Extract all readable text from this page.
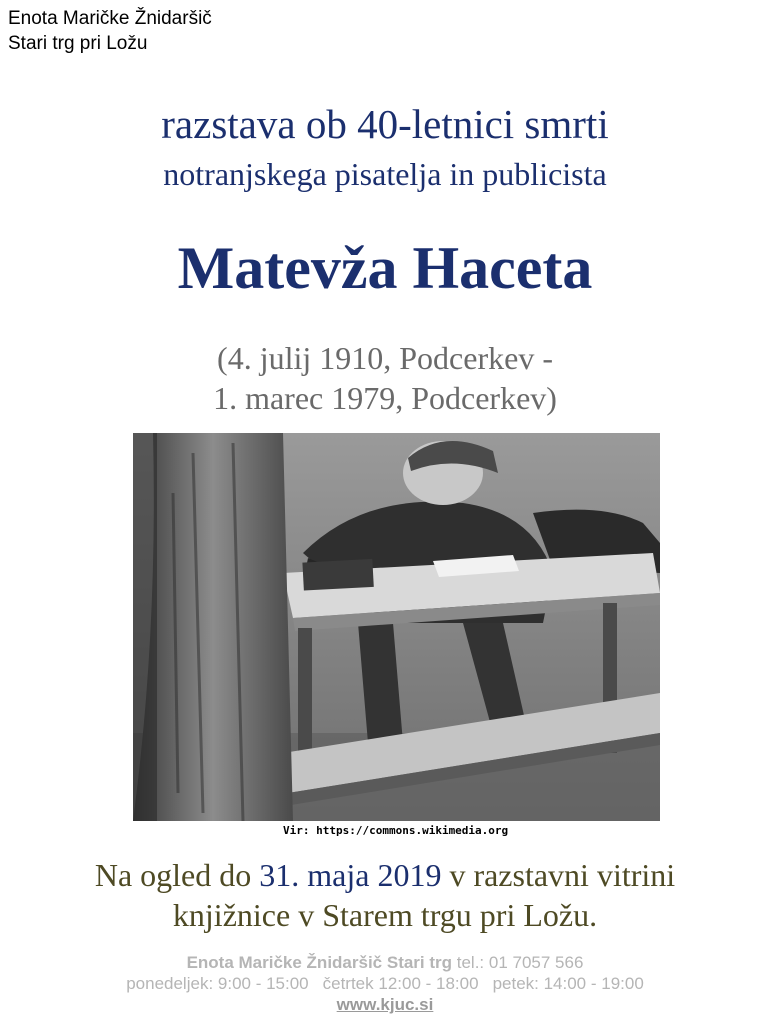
Enota Maričke Žnidaršič
Stari trg pri Ložu
razstava ob 40-letnici smrti
notranjskega pisatelja in publicista
Matevža Haceta
(4. julij 1910, Podcerkev -
1. marec 1979, Podcerkev)
Vir: https://commons.wikimedia.org
Na ogled do 31. maja 2019 v razstavni vitrini
knjižnice v Starem trgu pri Ložu.
Enota Maričke Žnidaršič Stari trg tel.: 01 7057 566
ponedeljek: 9:00 - 15:00 četrtek 12:00 - 18:00 petek: 14:00 - 19:00
www.kjuc.si
